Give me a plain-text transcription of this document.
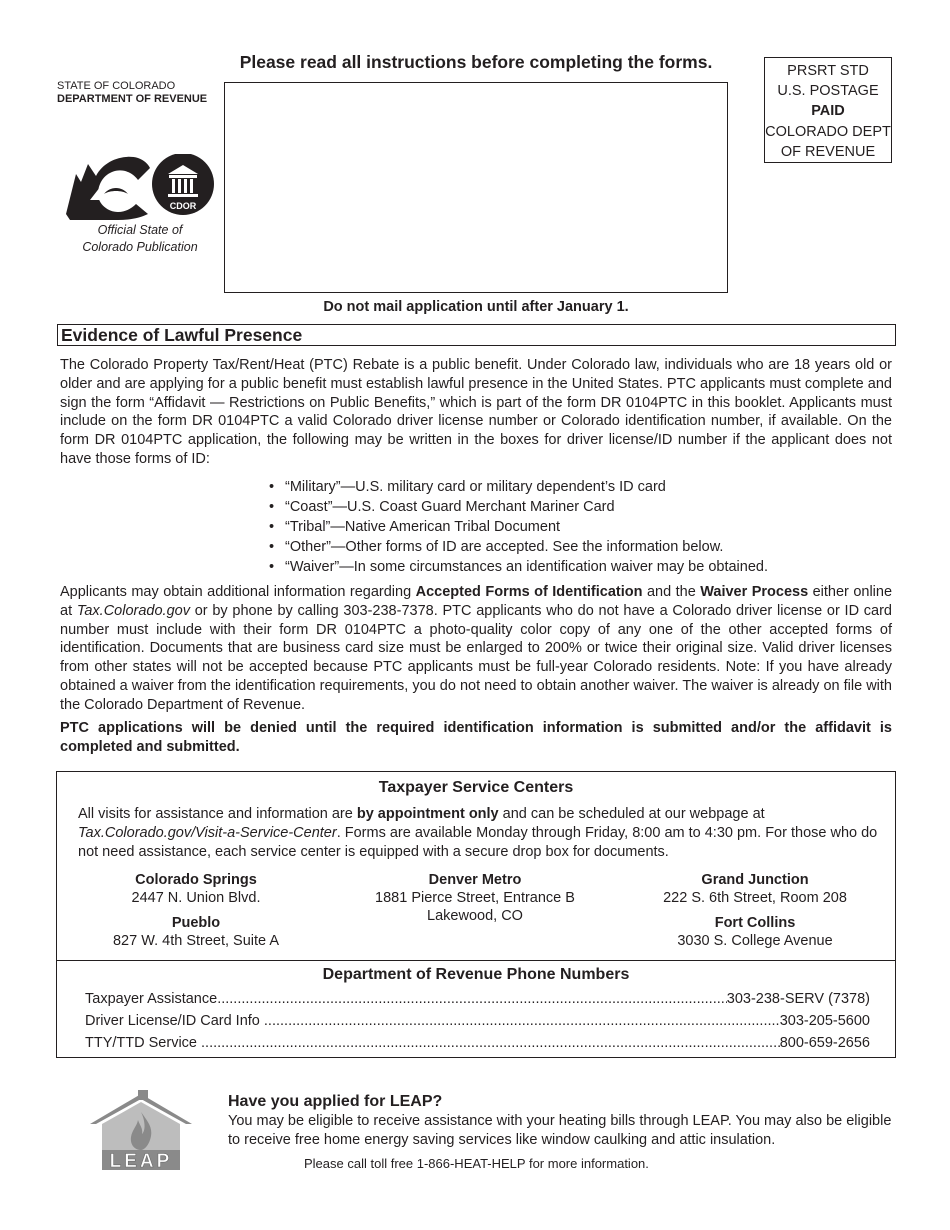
STATE OF COLORADO
DEPARTMENT OF REVENUE
CDOR
Official State of
Colorado Publication
Please read all instructions before completing the forms.
Do not mail application until after January 1.
PRSRT STD
U.S. POSTAGE
PAID
COLORADO DEPT
OF REVENUE
Evidence of Lawful Presence
The Colorado Property Tax/Rent/Heat (PTC) Rebate is a public benefit. Under Colorado law, individuals who are 18 years old or older and are applying for a public benefit must establish lawful presence in the United States. PTC applicants must complete and sign the form “Affidavit — Restrictions on Public Benefits,” which is part of the form DR 0104PTC in this booklet. Applicants must include on the form DR 0104PTC a valid Colorado driver license number or Colorado identification number, if available. On the form DR 0104PTC application, the following may be written in the boxes for driver license/ID number if the applicant does not have those forms of ID:
• “Military”—U.S. military card or military dependent’s ID card
• “Coast”—U.S. Coast Guard Merchant Mariner Card
• “Tribal”—Native American Tribal Document
• “Other”—Other forms of ID are accepted. See the information below.
• “Waiver”—In some circumstances an identification waiver may be obtained.
Applicants may obtain additional information regarding Accepted Forms of Identification and the Waiver Process either online at Tax.Colorado.gov or by phone by calling 303-238-7378. PTC applicants who do not have a Colorado driver license or ID card number must include with their form DR 0104PTC a photo-quality color copy of any one of the other accepted forms of identification. Documents that are business card size must be enlarged to 200% or twice their original size. Valid driver licenses from other states will not be accepted because PTC applicants must be full-year Colorado residents. Note: If you have already obtained a waiver from the identification requirements, you do not need to obtain another waiver. The waiver is already on file with the Colorado Department of Revenue.
PTC applications will be denied until the required identification information is submitted and/or the affidavit is completed and submitted.
Taxpayer Service Centers
All visits for assistance and information are by appointment only and can be scheduled at our webpage at Tax.Colorado.gov/Visit-a-Service-Center. Forms are available Monday through Friday, 8:00 am to 4:30 pm. For those who do not need assistance, each service center is equipped with a secure drop box for documents.
Colorado Springs
2447 N. Union Blvd.
Pueblo
827 W. 4th Street, Suite A
Denver Metro
1881 Pierce Street, Entrance B
Lakewood, CO
Grand Junction
222 S. 6th Street, Room 208
Fort Collins
3030 S. College Avenue
Department of Revenue Phone Numbers
Taxpayer Assistance .....	303-238-SERV (7378)
Driver License/ID Card Info .....	303-205-5600
TTY/TTD Service .....	800-659-2656
LEAP
Have you applied for LEAP?
You may be eligible to receive assistance with your heating bills through LEAP. You may also be eligible to receive free home energy saving services like window caulking and attic insulation.
Please call toll free 1-866-HEAT-HELP for more information.
